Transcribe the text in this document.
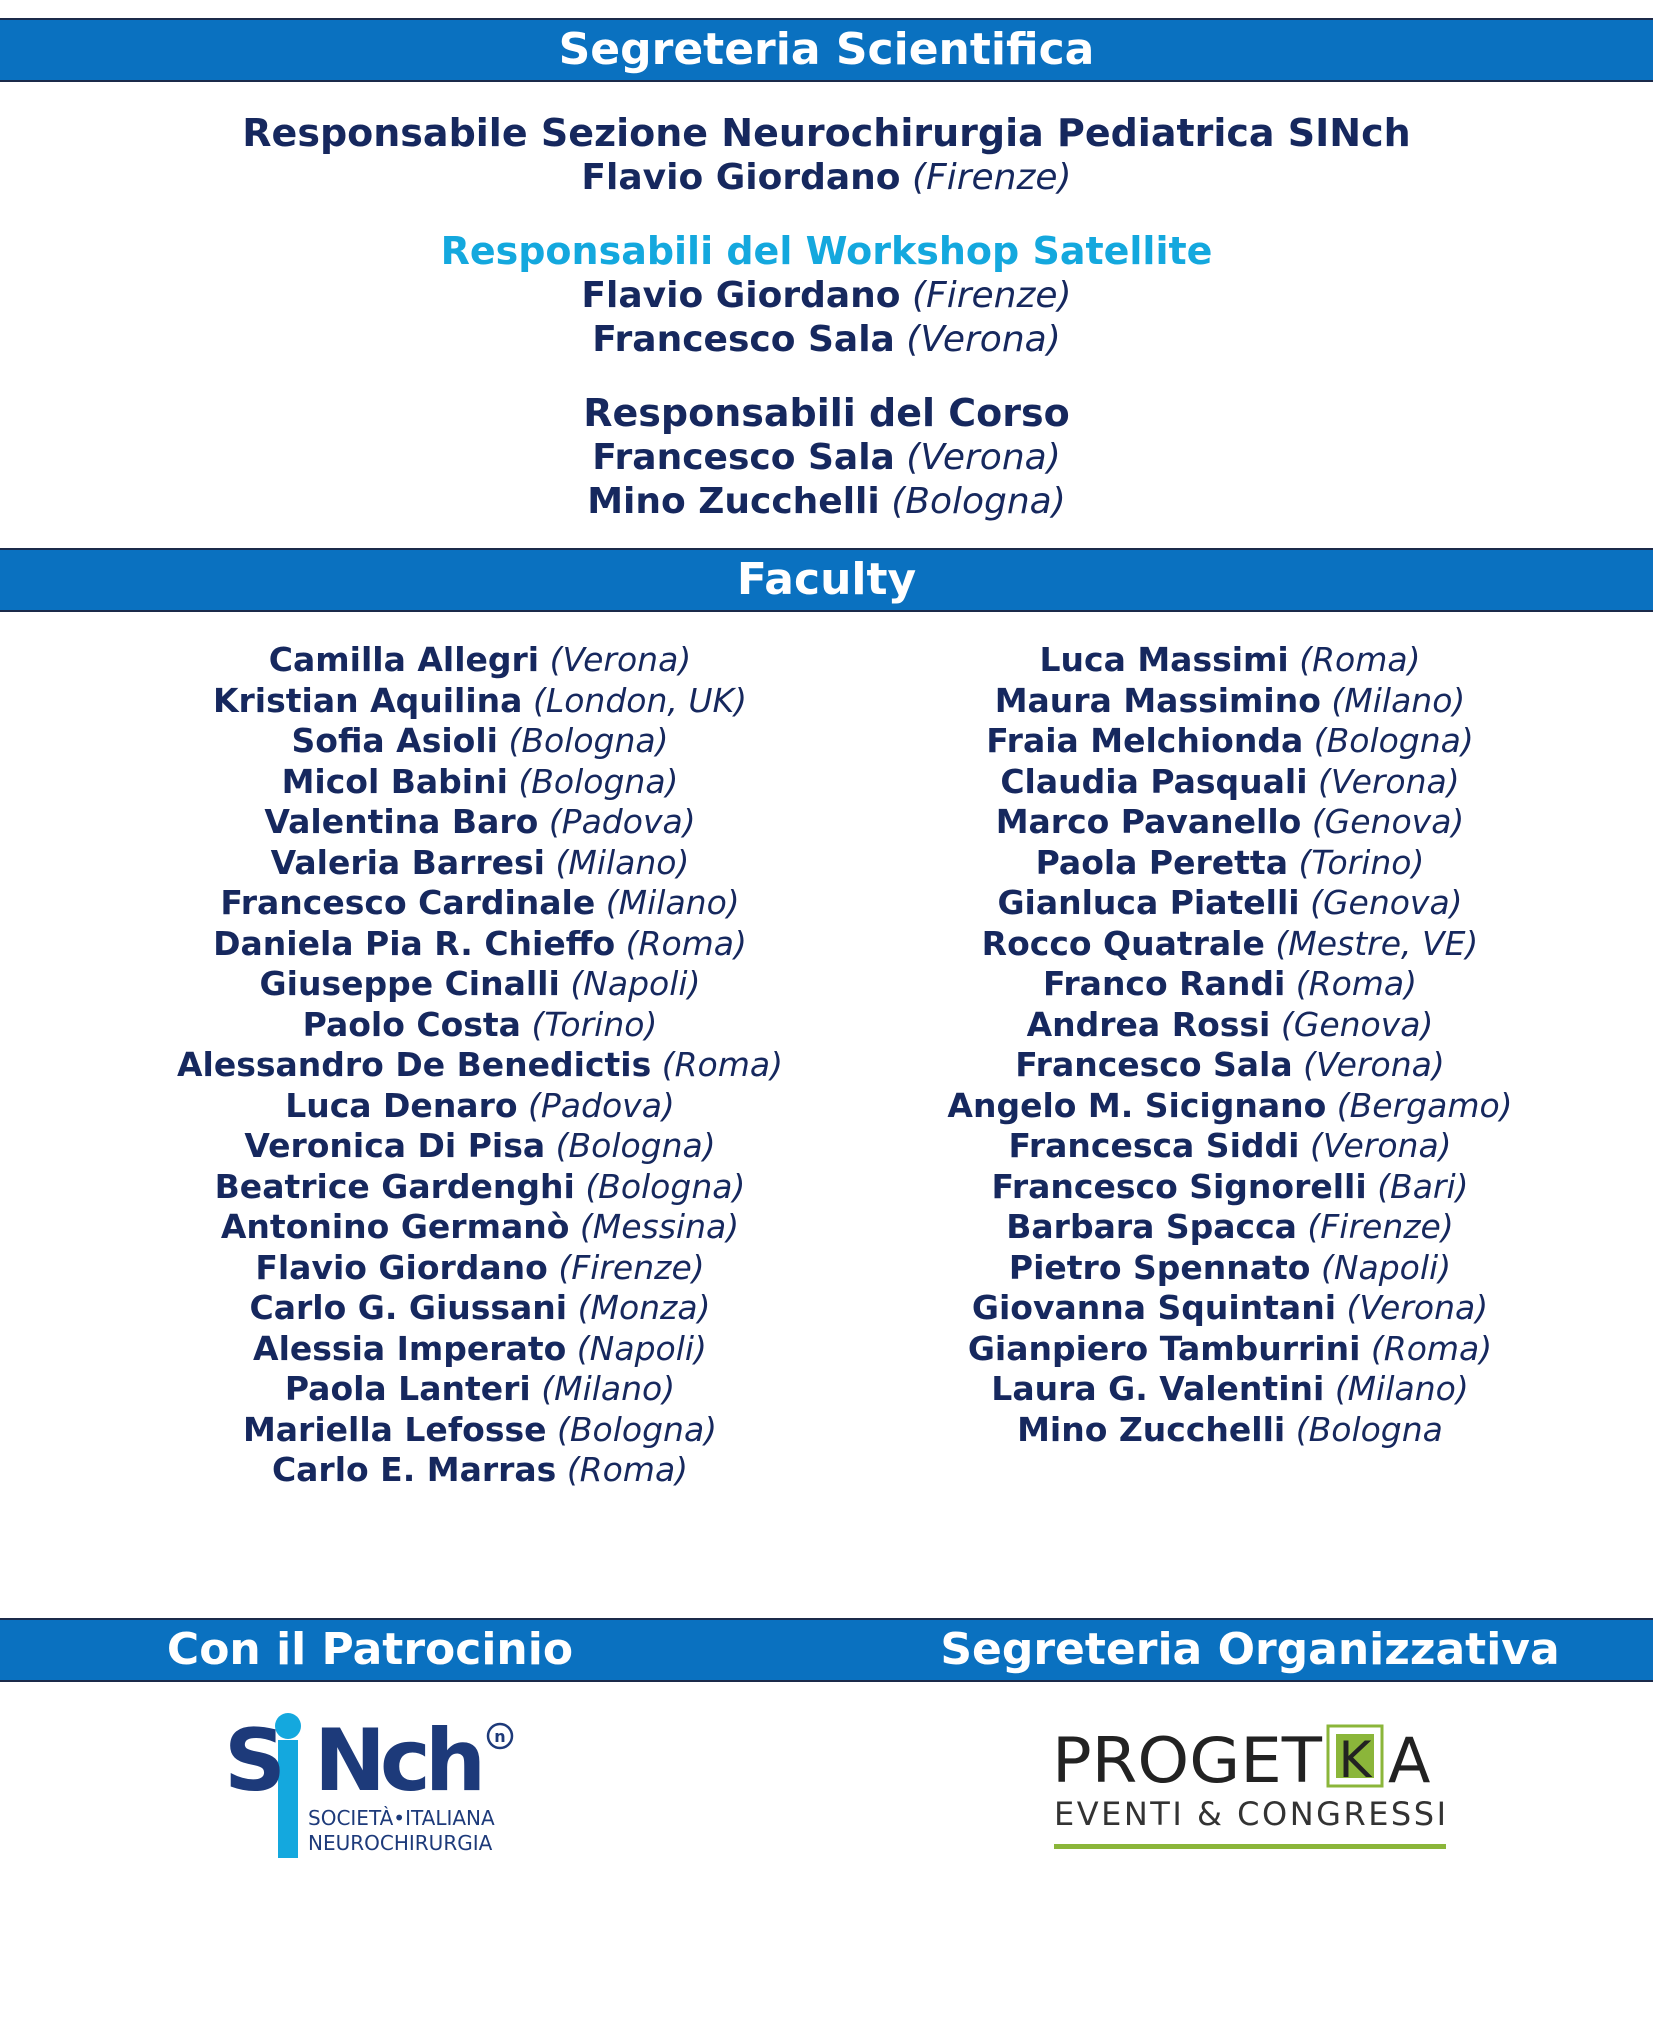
Segreteria Scientifica
Responsabile Sezione Neurochirurgia Pediatrica SINch
Flavio Giordano (Firenze)
Responsabili del Workshop Satellite
Flavio Giordano (Firenze)
Francesco Sala (Verona)
Responsabili del Corso
Francesco Sala (Verona)
Mino Zucchelli (Bologna)
Faculty
Camilla Allegri (Verona)
Kristian Aquilina (London, UK)
Sofia Asioli (Bologna)
Micol Babini (Bologna)
Valentina Baro (Padova)
Valeria Barresi (Milano)
Francesco Cardinale (Milano)
Daniela Pia R. Chieffo (Roma)
Giuseppe Cinalli (Napoli)
Paolo Costa (Torino)
Alessandro De Benedictis (Roma)
Luca Denaro (Padova)
Veronica Di Pisa (Bologna)
Beatrice Gardenghi (Bologna)
Antonino Germanò (Messina)
Flavio Giordano (Firenze)
Carlo G. Giussani (Monza)
Alessia Imperato (Napoli)
Paola Lanteri (Milano)
Mariella Lefosse (Bologna)
Carlo E. Marras (Roma)
Luca Massimi (Roma)
Maura Massimino (Milano)
Fraia Melchionda (Bologna)
Claudia Pasquali (Verona)
Marco Pavanello (Genova)
Paola Peretta (Torino)
Gianluca Piatelli (Genova)
Rocco Quatrale (Mestre, VE)
Franco Randi (Roma)
Andrea Rossi (Genova)
Francesco Sala (Verona)
Angelo M. Sicignano (Bergamo)
Francesca Siddi (Verona)
Francesco Signorelli (Bari)
Barbara Spacca (Firenze)
Pietro Spennato (Napoli)
Giovanna Squintani (Verona)
Gianpiero Tamburrini (Roma)
Laura G. Valentini (Milano)
Mino Zucchelli (Bologna
Con il Patrocinio	Segreteria Organizzativa
S Nch n
SOCIETÀ•ITALIANA
NEUROCHIRURGIA
PROGET K A
EVENTI & CONGRESSI
